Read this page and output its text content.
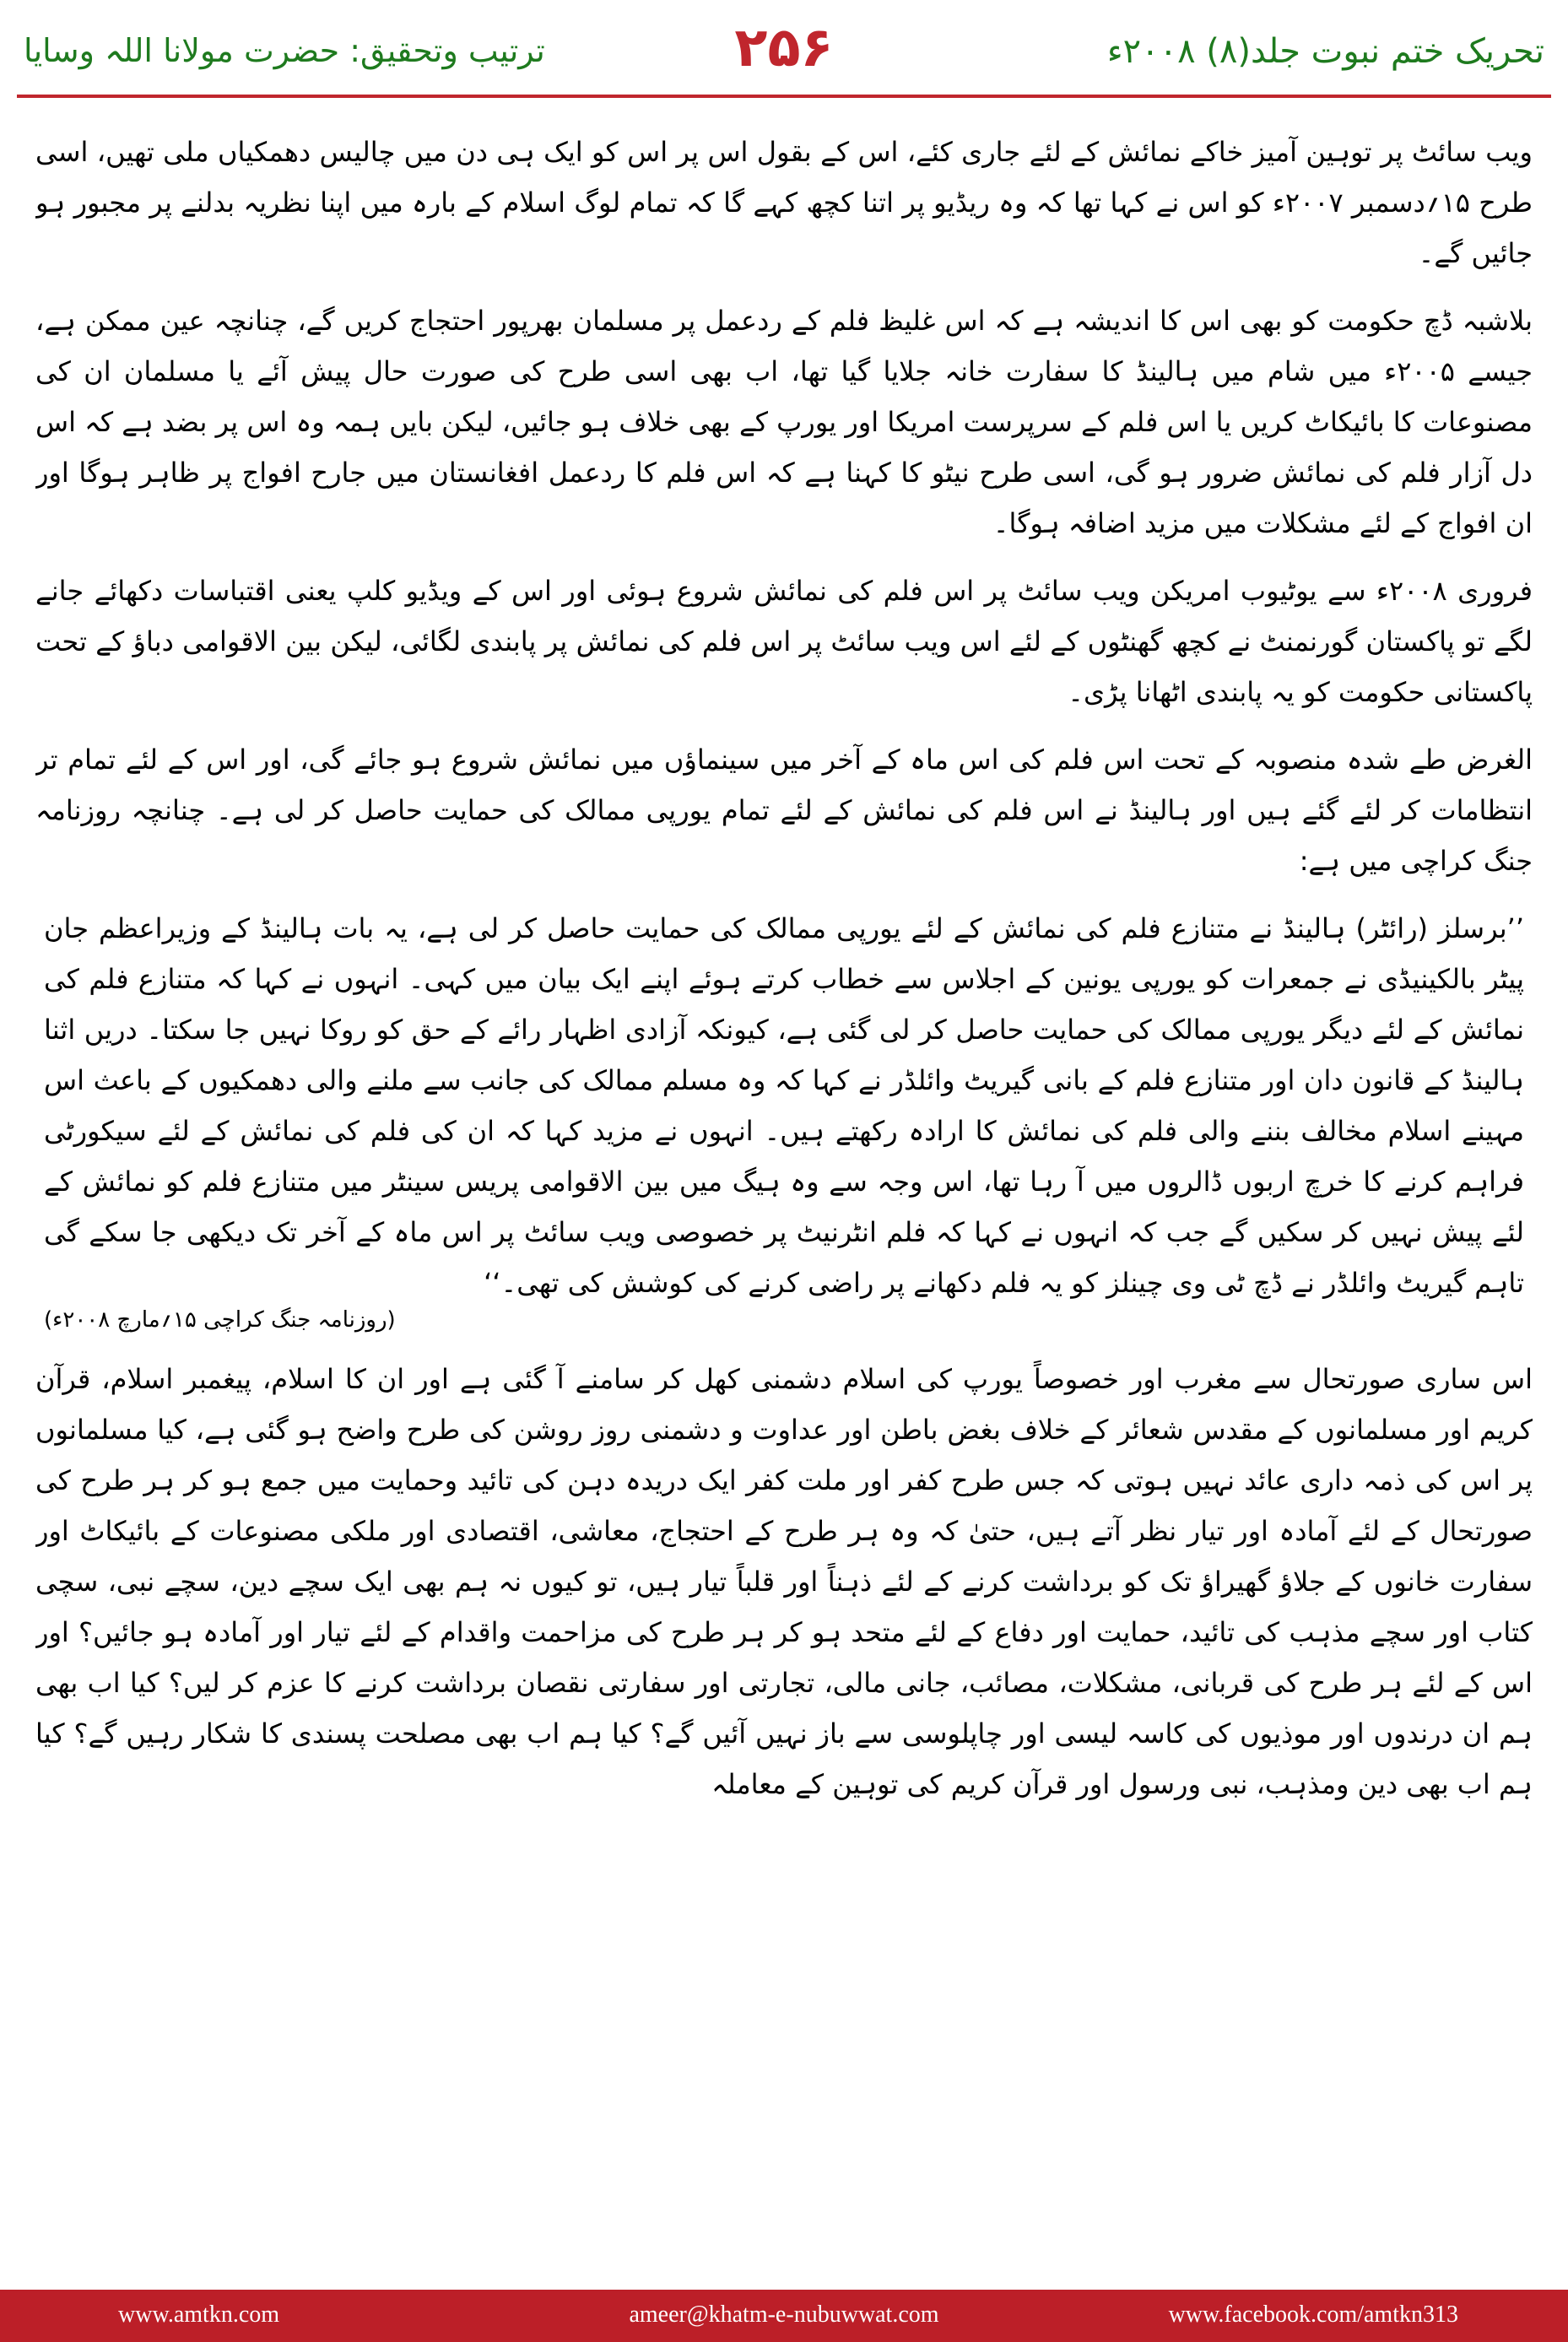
تحریک ختم نبوت جلد(۸) ۲۰۰۸ء
۲۵۶
ترتیب وتحقیق: حضرت مولانا اللہ وسایا

ویب سائٹ پر توہین آمیز خاکے نمائش کے لئے جاری کئے، اس کے بقول اس پر اس کو ایک ہی دن میں چالیس دھمکیاں ملی تھیں، اسی طرح ۱۵؍دسمبر ۲۰۰۷ء کو اس نے کہا تھا کہ وہ ریڈیو پر اتنا کچھ کہے گا کہ تمام لوگ اسلام کے بارہ میں اپنا نظریہ بدلنے پر مجبور ہو جائیں گے۔

بلاشبہ ڈچ حکومت کو بھی اس کا اندیشہ ہے کہ اس غلیظ فلم کے ردعمل پر مسلمان بھرپور احتجاج کریں گے، چنانچہ عین ممکن ہے، جیسے ۲۰۰۵ء میں شام میں ہالینڈ کا سفارت خانہ جلایا گیا تھا، اب بھی اسی طرح کی صورت حال پیش آئے یا مسلمان ان کی مصنوعات کا بائیکاٹ کریں یا اس فلم کے سرپرست امریکا اور یورپ کے بھی خلاف ہو جائیں، لیکن بایں ہمہ وہ اس پر بضد ہے کہ اس دل آزار فلم کی نمائش ضرور ہو گی، اسی طرح نیٹو کا کہنا ہے کہ اس فلم کا ردعمل افغانستان میں جارح افواج پر ظاہر ہوگا اور ان افواج کے لئے مشکلات میں مزید اضافہ ہوگا۔

فروری ۲۰۰۸ء سے یوٹیوب امریکن ویب سائٹ پر اس فلم کی نمائش شروع ہوئی اور اس کے ویڈیو کلپ یعنی اقتباسات دکھائے جانے لگے تو پاکستان گورنمنٹ نے کچھ گھنٹوں کے لئے اس ویب سائٹ پر اس فلم کی نمائش پر پابندی لگائی، لیکن بین الاقوامی دباؤ کے تحت پاکستانی حکومت کو یہ پابندی اٹھانا پڑی۔

الغرض طے شدہ منصوبہ کے تحت اس فلم کی اس ماہ کے آخر میں سینماؤں میں نمائش شروع ہو جائے گی، اور اس کے لئے تمام تر انتظامات کر لئے گئے ہیں اور ہالینڈ نے اس فلم کی نمائش کے لئے تمام یورپی ممالک کی حمایت حاصل کر لی ہے۔ چنانچہ روزنامہ جنگ کراچی میں ہے:

’’برسلز (رائٹر) ہالینڈ نے متنازع فلم کی نمائش کے لئے یورپی ممالک کی حمایت حاصل کر لی ہے، یہ بات ہالینڈ کے وزیراعظم جان پیٹر بالکینیڈی نے جمعرات کو یورپی یونین کے اجلاس سے خطاب کرتے ہوئے اپنے ایک بیان میں کہی۔ انہوں نے کہا کہ متنازع فلم کی نمائش کے لئے دیگر یورپی ممالک کی حمایت حاصل کر لی گئی ہے، کیونکہ آزادی اظہار رائے کے حق کو روکا نہیں جا سکتا۔ دریں اثنا ہالینڈ کے قانون دان اور متنازع فلم کے بانی گیریٹ وائلڈر نے کہا کہ وہ مسلم ممالک کی جانب سے ملنے والی دھمکیوں کے باعث اس مہینے اسلام مخالف بننے والی فلم کی نمائش کا ارادہ رکھتے ہیں۔ انہوں نے مزید کہا کہ ان کی فلم کی نمائش کے لئے سیکورٹی فراہم کرنے کا خرچ اربوں ڈالروں میں آ رہا تھا، اس وجہ سے وہ ہیگ میں بین الاقوامی پریس سینٹر میں متنازع فلم کو نمائش کے لئے پیش نہیں کر سکیں گے جب کہ انہوں نے کہا کہ فلم انٹرنیٹ پر خصوصی ویب سائٹ پر اس ماہ کے آخر تک دیکھی جا سکے گی تاہم گیریٹ وائلڈر نے ڈچ ٹی وی چینلز کو یہ فلم دکھانے پر راضی کرنے کی کوشش کی تھی۔‘‘
(روزنامہ جنگ کراچی ۱۵؍مارچ ۲۰۰۸ء)

اس ساری صورتحال سے مغرب اور خصوصاً یورپ کی اسلام دشمنی کھل کر سامنے آ گئی ہے اور ان کا اسلام، پیغمبر اسلام، قرآن کریم اور مسلمانوں کے مقدس شعائر کے خلاف بغض باطن اور عداوت و دشمنی روز روشن کی طرح واضح ہو گئی ہے، کیا مسلمانوں پر اس کی ذمہ داری عائد نہیں ہوتی کہ جس طرح کفر اور ملت کفر ایک دریدہ دہن کی تائید وحمایت میں جمع ہو کر ہر طرح کی صورتحال کے لئے آمادہ اور تیار نظر آتے ہیں، حتیٰ کہ وہ ہر طرح کے احتجاج، معاشی، اقتصادی اور ملکی مصنوعات کے بائیکاٹ اور سفارت خانوں کے جلاؤ گھیراؤ تک کو برداشت کرنے کے لئے ذہناً اور قلباً تیار ہیں، تو کیوں نہ ہم بھی ایک سچے دین، سچے نبی، سچی کتاب اور سچے مذہب کی تائید، حمایت اور دفاع کے لئے متحد ہو کر ہر طرح کی مزاحمت واقدام کے لئے تیار اور آمادہ ہو جائیں؟ اور اس کے لئے ہر طرح کی قربانی، مشکلات، مصائب، جانی مالی، تجارتی اور سفارتی نقصان برداشت کرنے کا عزم کر لیں؟ کیا اب بھی ہم ان درندوں اور موذیوں کی کاسہ لیسی اور چاپلوسی سے باز نہیں آئیں گے؟ کیا ہم اب بھی مصلحت پسندی کا شکار رہیں گے؟ کیا ہم اب بھی دین ومذہب، نبی ورسول اور قرآن کریم کی توہین کے معاملہ

ameer@khatm-e-nubuwwat.com
www.amtkn.com	www.facebook.com/amtkn313
